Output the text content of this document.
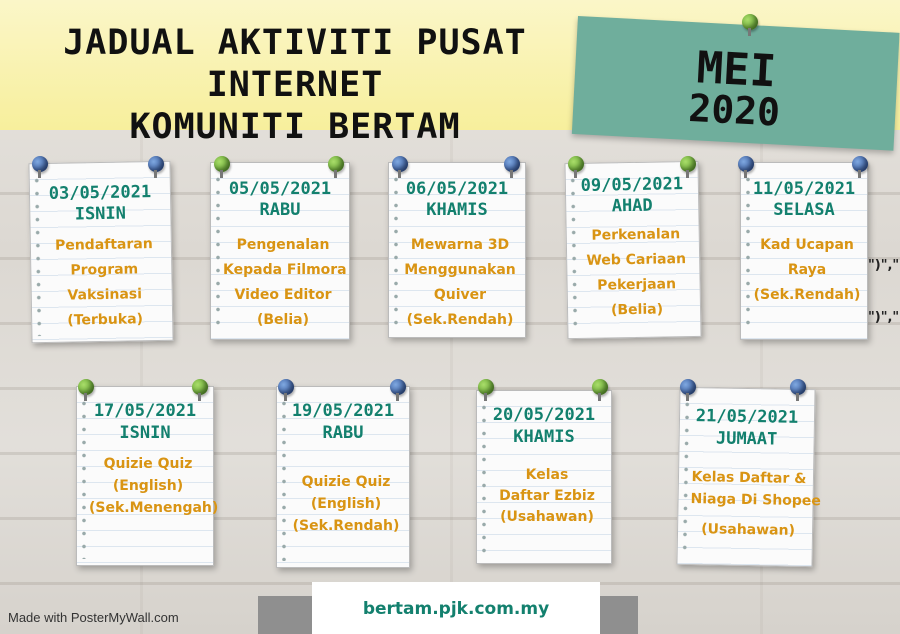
JADUAL AKTIVITI PUSAT INTERNET
KOMUNITI BERTAM
MEI
2020
03/05/2021
ISNIN
Pendaftaran
Program
Vaksinasi
(Terbuka)
05/05/2021
RABU
Pengenalan
Kepada Filmora
Video Editor
(Belia)
06/05/2021
KHAMIS
Mewarna 3D
Menggunakan
Quiver
(Sek.Rendah)
09/05/2021
AHAD
Perkenalan
Web Cariaan
Pekerjaan
(Belia)
11/05/2021
SELASA
Kad Ucapan
Raya
(Sek.Rendah)
")","
")","
17/05/2021
ISNIN
Quizie Quiz
(English)
(Sek.Menengah)
19/05/2021
RABU
Quizie Quiz
(English)
(Sek.Rendah)
20/05/2021
KHAMIS
Kelas
Daftar Ezbiz
(Usahawan)
21/05/2021
JUMAAT
Kelas Daftar &
Niaga Di Shopee
(Usahawan)
bertam.pjk.com.my
Made with PosterMyWall.com
